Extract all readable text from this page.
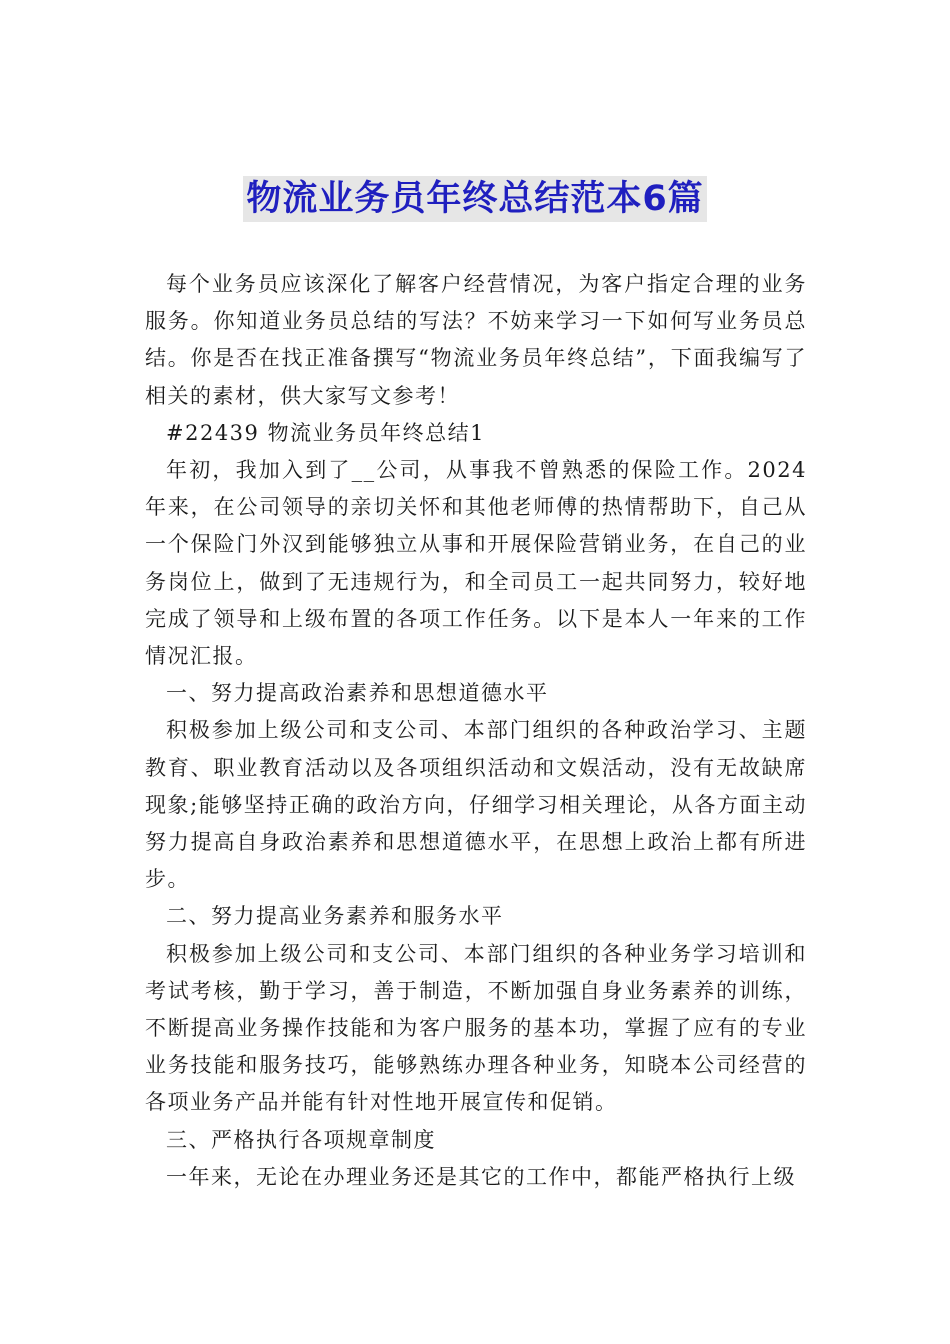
物流业务员年终总结范本6篇

每个业务员应该深化了解客户经营情况，为客户指定合理的业务服务。你知道业务员总结的写法？不妨来学习一下如何写业务员总结。你是否在找正准备撰写“物流业务员年终总结”，下面我编写了相关的素材，供大家写文参考！

#22439 物流业务员年终总结1

年初，我加入到了__公司，从事我不曾熟悉的保险工作。2024年来，在公司领导的亲切关怀和其他老师傅的热情帮助下，自己从一个保险门外汉到能够独立从事和开展保险营销业务，在自己的业务岗位上，做到了无违规行为，和全司员工一起共同努力，较好地完成了领导和上级布置的各项工作任务。以下是本人一年来的工作情况汇报。

一、努力提高政治素养和思想道德水平

积极参加上级公司和支公司、本部门组织的各种政治学习、主题教育、职业教育活动以及各项组织活动和文娱活动，没有无故缺席现象;能够坚持正确的政治方向，仔细学习相关理论，从各方面主动努力提高自身政治素养和思想道德水平，在思想上政治上都有所进步。

二、努力提高业务素养和服务水平

积极参加上级公司和支公司、本部门组织的各种业务学习培训和考试考核，勤于学习，善于制造，不断加强自身业务素养的训练，不断提高业务操作技能和为客户服务的基本功，掌握了应有的专业业务技能和服务技巧，能够熟练办理各种业务，知晓本公司经营的各项业务产品并能有针对性地开展宣传和促销。

三、严格执行各项规章制度

一年来，无论在办理业务还是其它的工作中，都能严格执行上级
